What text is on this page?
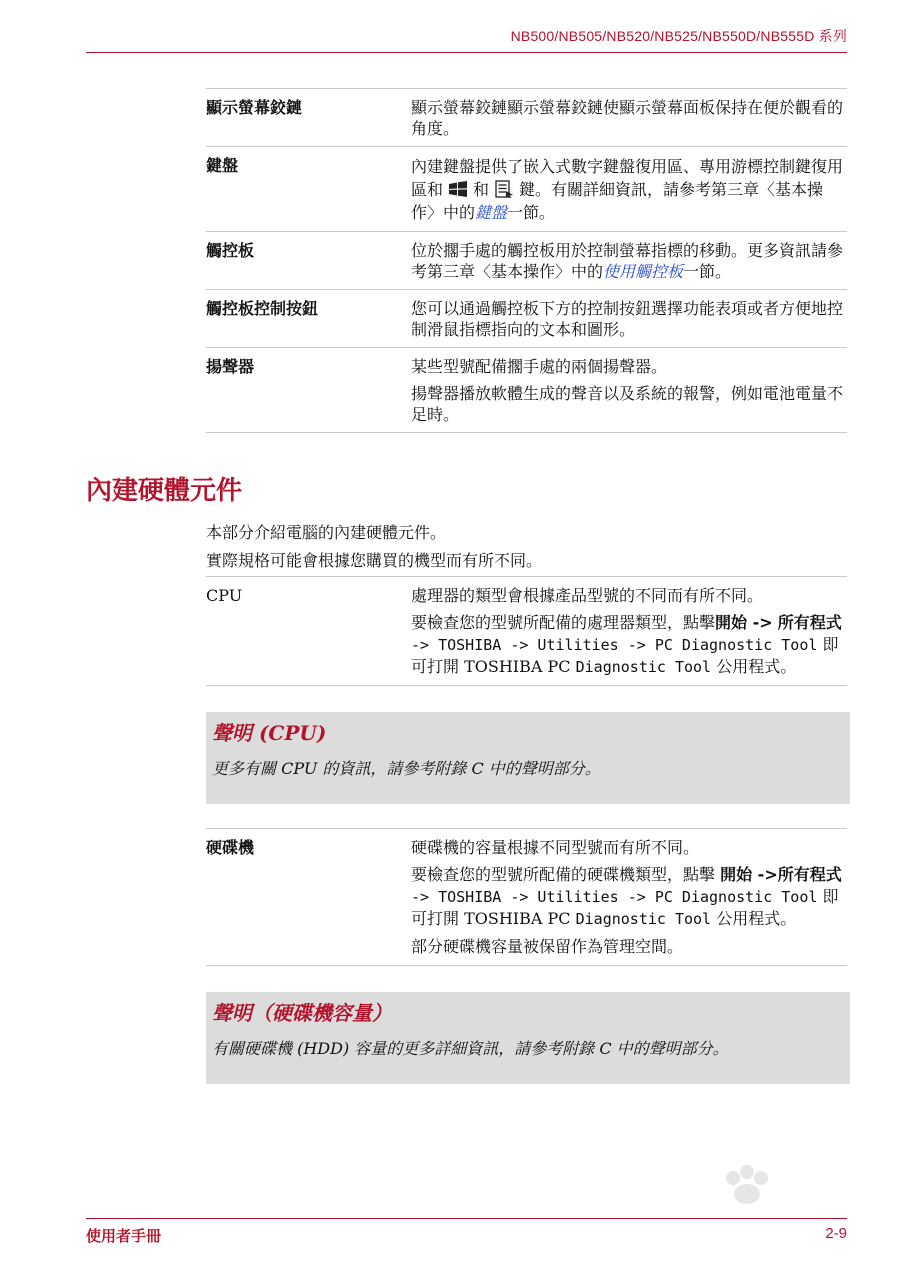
NB500/NB505/NB520/NB525/NB550D/NB555D 系列
顯示螢幕鉸鏈	顯示螢幕鉸鏈顯示螢幕鉸鏈使顯示螢幕面板保持在便於觀看的角度。

鍵盤	內建鍵盤提供了嵌入式數字鍵盤復用區、專用游標控制鍵復用區和 和 鍵。有關詳細資訊，請參考第三章〈基本操作〉中的鍵盤一節。

觸控板	位於擱手處的觸控板用於控制螢幕指標的移動。更多資訊請參考第三章〈基本操作〉中的使用觸控板一節。

觸控板控制按鈕	您可以通過觸控板下方的控制按鈕選擇功能表項或者方便地控制滑鼠指標指向的文本和圖形。

揚聲器	某些型號配備擱手處的兩個揚聲器。

揚聲器播放軟體生成的聲音以及系統的報警，例如電池電量不足時。

內建硬體元件
本部分介紹電腦的內建硬體元件。
實際規格可能會根據您購買的機型而有所不同。
CPU	處理器的類型會根據產品型號的不同而有所不同。

要檢查您的型號所配備的處理器類型，點擊開始 -> 所有程式 -> TOSHIBA -> Utilities -> PC Diagnostic Tool 即可打開 TOSHIBA PC Diagnostic Tool 公用程式。

聲明 (CPU)
更多有關 CPU 的資訊，請參考附錄 C 中的聲明部分。
硬碟機	硬碟機的容量根據不同型號而有所不同。

要檢查您的型號所配備的硬碟機類型，點擊 開始 ->所有程式 -> TOSHIBA -> Utilities -> PC Diagnostic Tool 即可打開 TOSHIBA PC Diagnostic Tool 公用程式。

部分硬碟機容量被保留作為管理空間。

聲明（硬碟機容量）
有關硬碟機 (HDD) 容量的更多詳細資訊，請參考附錄 C 中的聲明部分。
使用者手冊	2-9
